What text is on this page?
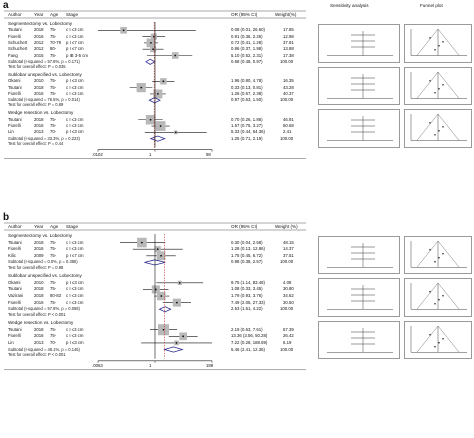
a
Author	Year Age Stage	OR (95% CI)	Weight(%)
Sensitivity analysis	Funnel plot
Segmentectomy vs. Lobectomy
Tsutani	2018 75- c I ≤3 cm	0.08 (0.01, 26.60)	17.85
Fiorelli	2016 75- c I ≤3 cm	0.91 (0.36, 2.26)	12.98
Schuchert 2012 70-79 p I ≤7 cm	0.72 (0.41, 1.28)	37.91
Schuchert 2012 80- p I ≤7 cm	0.86 (0.37, 1.98)	13.88
Fang	2015 75- p IB 3-5 cm	5.10 (0.52, 2.31)	17.38
Subtotal (I-squared = 57.8%, p = 0.171)	0.68 (0.48, 0.97)	100.00
Test for overall effect: P = 0.035
Sublobar unspecified vs. Lobectomy
Okami	2010 75- p I ≤3 cm	1.96 (0.80, 4.78)	16.35
Tsutani	2018 75- c I ≤3 cm	0.33 (0.13, 0.81)	43.28
Fiorelli	2016 75- c I ≤3 cm	1.26 (0.67, 2.38)	40.37
Subtotal (I-squared = 76.5%, p = 0.014)	0.97 (0.63, 1.50)	100.00
Test for overall effect: P = 0.89
Wedge resection vs. Lobectomy
Tsutani	2018 75- c I ≤3 cm	0.70 (0.26, 1.86)	46.91
Fiorelli	2016 75- c I ≤3 cm	1.57 (0.75, 3.27)	50.68
Lin	2013 70- p I ≤3 cm	5.33 (0.44, 64.36)	2.41
Subtotal (I-squared = 33.3%, p = 0.223)	1.25 (0.71, 2.19)	100.00
Test for overall effect: P = 0.44
.0102	1	98
b
Author	Year Age Stage	OR (95% CI)	Weight (%)
Segmentectomy vs. Lobectomy
Tsutani	2018 75- c I ≤3 cm	0.30 (0.04, 2.58)	48.15
Fiorelli	2016 75- c I ≤3 cm	1.28 (0.13, 12.86)	14.37
Kilic	2009 75- p I ≤7 cm	1.75 (0.45, 6.72)	37.51
Subtotal (I-squared = 0.0%, p = 0.385)	0.98 (0.38, 2.57)	100.00
Test for overall effect: P = 0.98
Sublobar unspecified vs. Lobectomy
Okami	2010 75- p I ≤3 cm	9.75 (1.14, 83.48)	4.08
Tsutani	2018 75- c I ≤3 cm	1.08 (0.33, 3.45)	30.80
Vazirani	2018 80-83 c I ≤3 cm	1.79 (0.93, 3.76)	34.62
Fiorelli	2016 75- c I ≤3 cm	7.49 (2.05, 27.33)	30.50
Subtotal (I-squared = 57.8%, p = 0.068)	2.53 (1.51, 4.22)	100.00
Test for overall effect: P < 0.001
Wedge resection vs. Lobectomy
Tsutani	2018 75- c I ≤3 cm	2.19 (0.63, 7.61)	67.39
Fiorelli	2016 75- c I ≤3 cm	13.36 (3.56, 50.28)	26.42
Lin	2013 70- p I ≤3 cm	7.22 (0.28, 188.69)	6.19
Subtotal (I-squared = 48.1%, p = 0.145)	5.46 (2.41, 12.36)	100.00
Test for overall effect: P < 0.001
.0053	1	189
